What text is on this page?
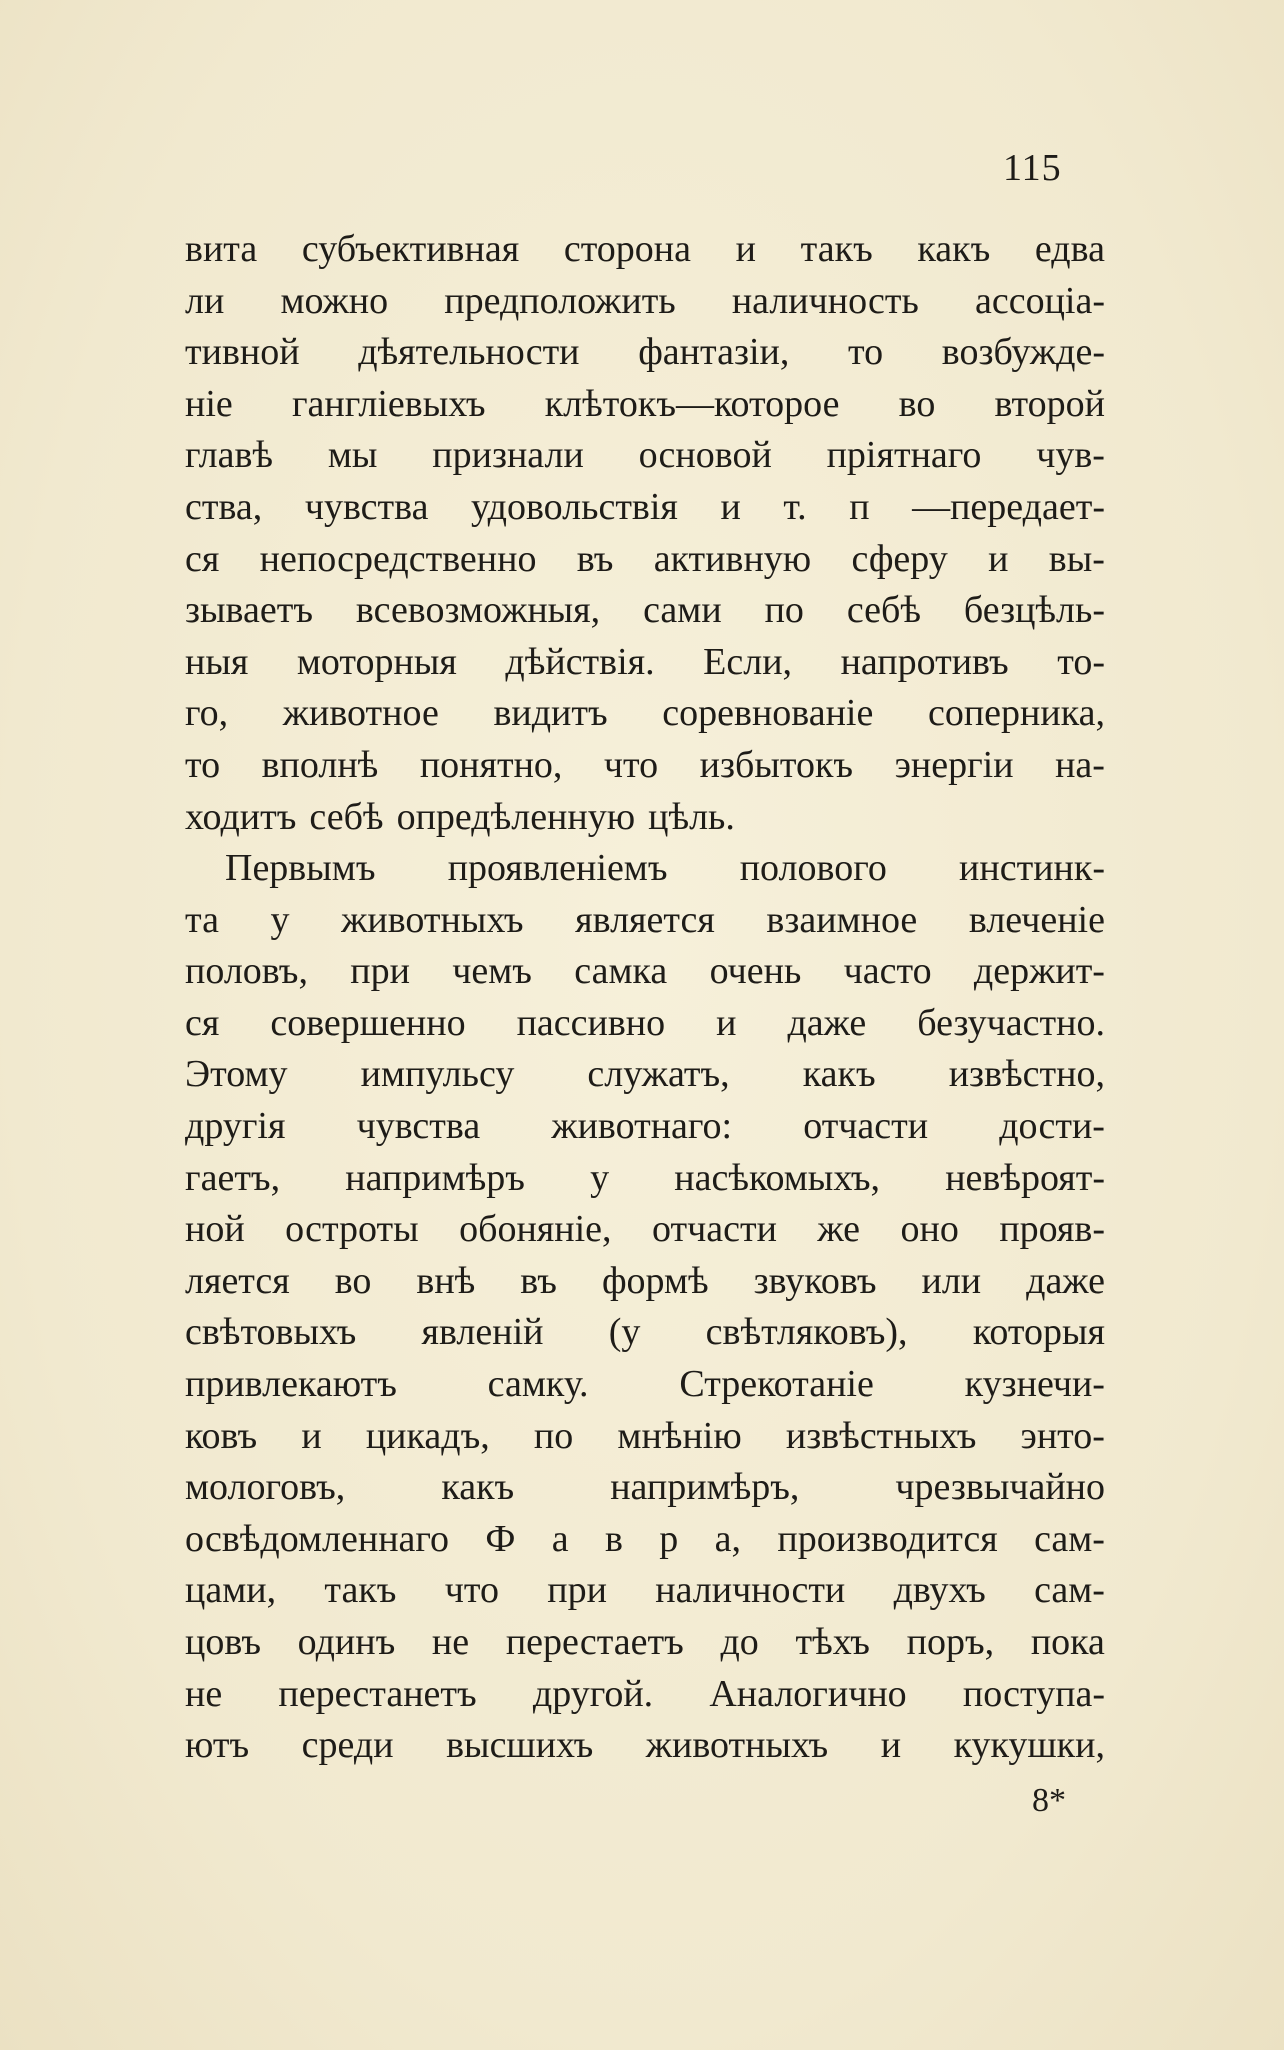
115
вита субъективная сторона и такъ какъ едва
ли можно предположить наличность ассоціа-
тивной дѣятельности фантазіи, то возбужде-
ніе гангліевыхъ клѣтокъ—которое во второй
главѣ мы признали основой пріятнаго чув-
ства, чувства удовольствія и т. п —передает-
ся непосредственно въ активную сферу и вы-
зываетъ всевозможныя, сами по себѣ безцѣль-
ныя моторныя дѣйствія. Если, напротивъ то-
го, животное видитъ соревнованіе соперника,
то вполнѣ понятно, что избытокъ энергіи на-
ходитъ себѣ опредѣленную цѣль.
Первымъ проявленіемъ полового инстинк-
та у животныхъ является взаимное влеченіе
половъ, при чемъ самка очень часто держит-
ся совершенно пассивно и даже безучастно.
Этому импульсу служатъ, какъ извѣстно,
другія чувства животнаго: отчасти дости-
гаетъ, напримѣръ у насѣкомыхъ, невѣроят-
ной остроты обоняніе, отчасти же оно прояв-
ляется во внѣ въ формѣ звуковъ или даже
свѣтовыхъ явленій (у свѣтляковъ), которыя
привлекаютъ самку. Стрекотаніе кузнечи-
ковъ и цикадъ, по мнѣнію извѣстныхъ энто-
мологовъ,	какъ	напримѣръ,	чрезвычайно
освѣдомленнаго Ф а в р а, производится сам-
цами, такъ что при наличности двухъ сам-
цовъ одинъ не перестаетъ до тѣхъ поръ, пока
не перестанетъ другой. Аналогично поступа-
ютъ среди высшихъ животныхъ и кукушки,
8*
